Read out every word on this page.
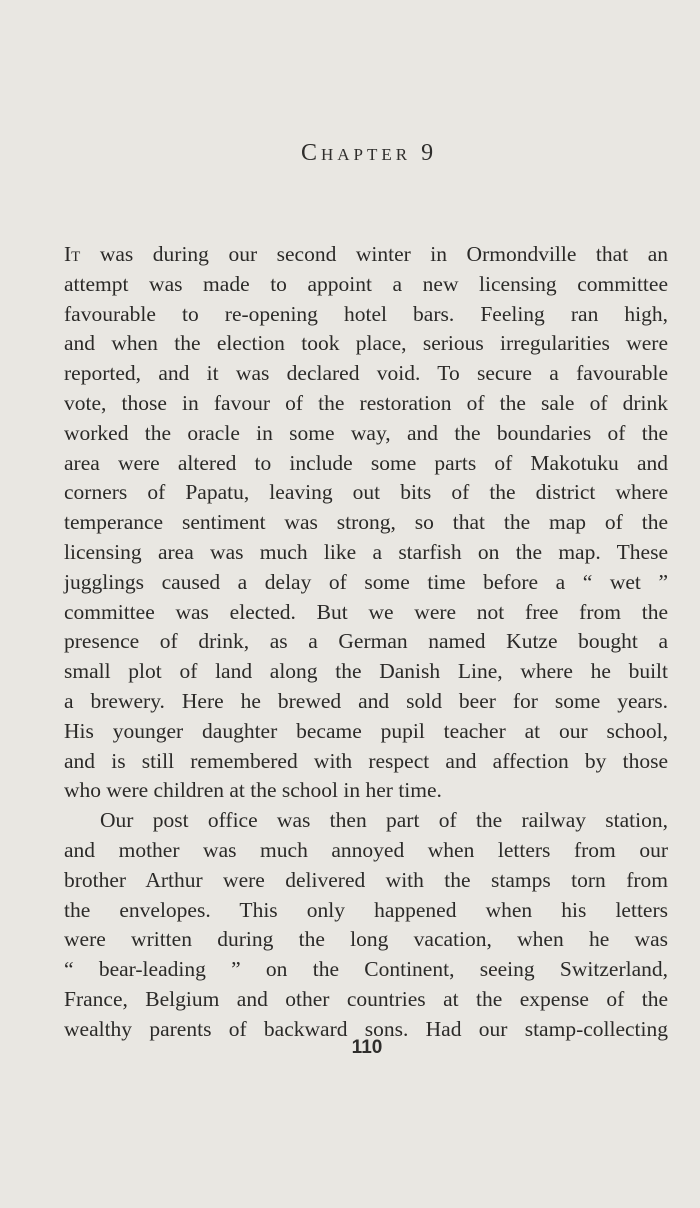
Chapter 9
It was during our second winter in Ormondville that an
attempt was made to appoint a new licensing committee
favourable to re-opening hotel bars. Feeling ran high,
and when the election took place, serious irregularities were
reported, and it was declared void. To secure a favourable
vote, those in favour of the restoration of the sale of drink
worked the oracle in some way, and the boundaries of the
area were altered to include some parts of Makotuku and
corners of Papatu, leaving out bits of the district where
temperance sentiment was strong, so that the map of the
licensing area was much like a starfish on the map. These
jugglings caused a delay of some time before a “ wet ”
committee was elected. But we were not free from the
presence of drink, as a German named Kutze bought a
small plot of land along the Danish Line, where he built
a brewery. Here he brewed and sold beer for some years.
His younger daughter became pupil teacher at our school,
and is still remembered with respect and affection by those
who were children at the school in her time.
Our post office was then part of the railway station,
and mother was much annoyed when letters from our
brother Arthur were delivered with the stamps torn from
the envelopes. This only happened when his letters
were written during the long vacation, when he was
“ bear-leading ” on the Continent, seeing Switzerland,
France, Belgium and other countries at the expense of the
wealthy parents of backward sons. Had our stamp-collecting
110
